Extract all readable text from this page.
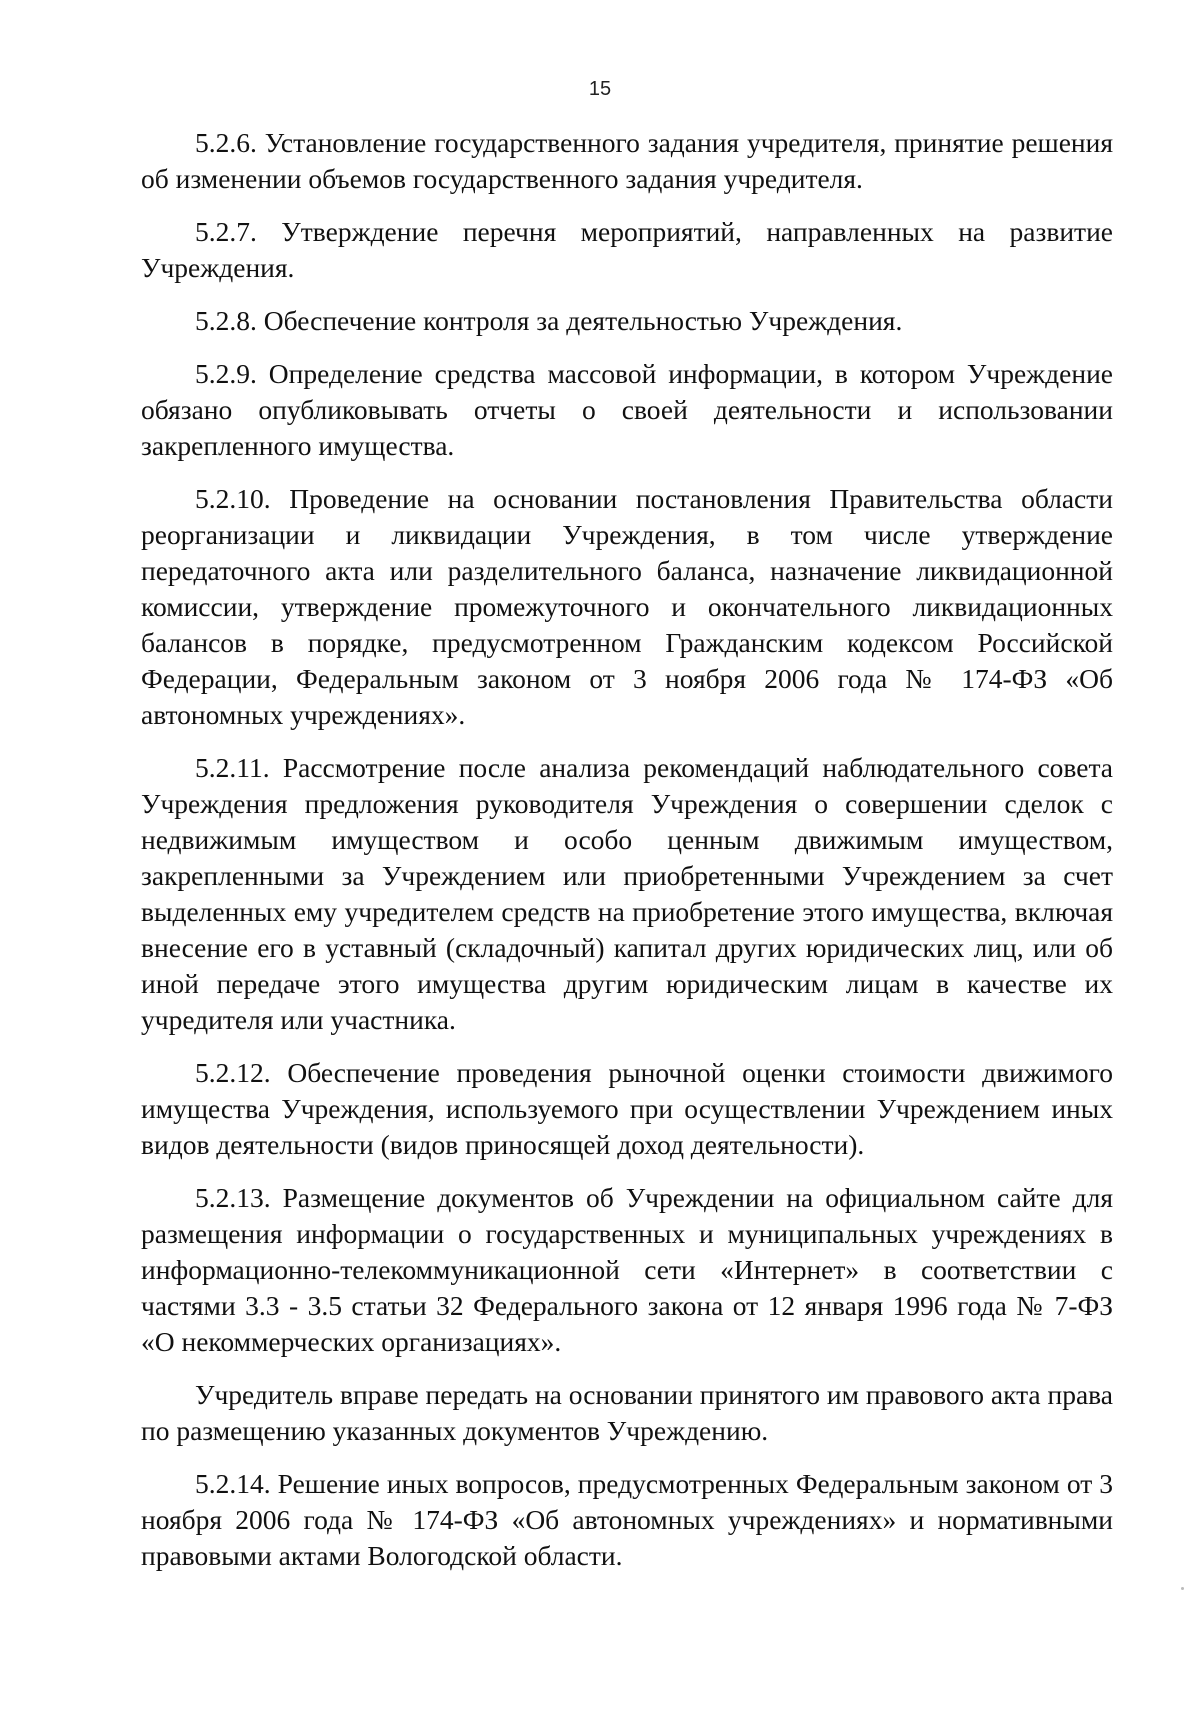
15

5.2.6. Установление государственного задания учредителя, принятие решения об изменении объемов государственного задания учредителя.

5.2.7. Утверждение перечня мероприятий, направленных на развитие Учреждения.

5.2.8. Обеспечение контроля за деятельностью Учреждения.

5.2.9. Определение средства массовой информации, в котором Учреждение обязано опубликовывать отчеты о своей деятельности и использовании закрепленного имущества.

5.2.10. Проведение на основании постановления Правительства области реорганизации и ликвидации Учреждения, в том числе утверждение передаточного акта или разделительного баланса, назначение ликвидационной комиссии, утверждение промежуточного и окончательного ликвидационных балансов в порядке, предусмотренном Гражданским кодексом Российской Федерации, Федеральным законом от 3 ноября 2006 года № 174-ФЗ «Об автономных учреждениях».

5.2.11. Рассмотрение после анализа рекомендаций наблюдательного совета Учреждения предложения руководителя Учреждения о совершении сделок с недвижимым имуществом и особо ценным движимым имуществом, закрепленными за Учреждением или приобретенными Учреждением за счет выделенных ему учредителем средств на приобретение этого имущества, включая внесение его в уставный (складочный) капитал других юридических лиц, или об иной передаче этого имущества другим юридическим лицам в качестве их учредителя или участника.

5.2.12. Обеспечение проведения рыночной оценки стоимости движимого имущества Учреждения, используемого при осуществлении Учреждением иных видов деятельности (видов приносящей доход деятельности).

5.2.13. Размещение документов об Учреждении на официальном сайте для размещения информации о государственных и муниципальных учреждениях в информационно-телекоммуникационной сети «Интернет» в соответствии с частями 3.3 - 3.5 статьи 32 Федерального закона от 12 января 1996 года № 7-ФЗ «О некоммерческих организациях».

Учредитель вправе передать на основании принятого им правового акта права по размещению указанных документов Учреждению.

5.2.14. Решение иных вопросов, предусмотренных Федеральным законом от 3 ноября 2006 года № 174-ФЗ «Об автономных учреждениях» и нормативными правовыми актами Вологодской области.
